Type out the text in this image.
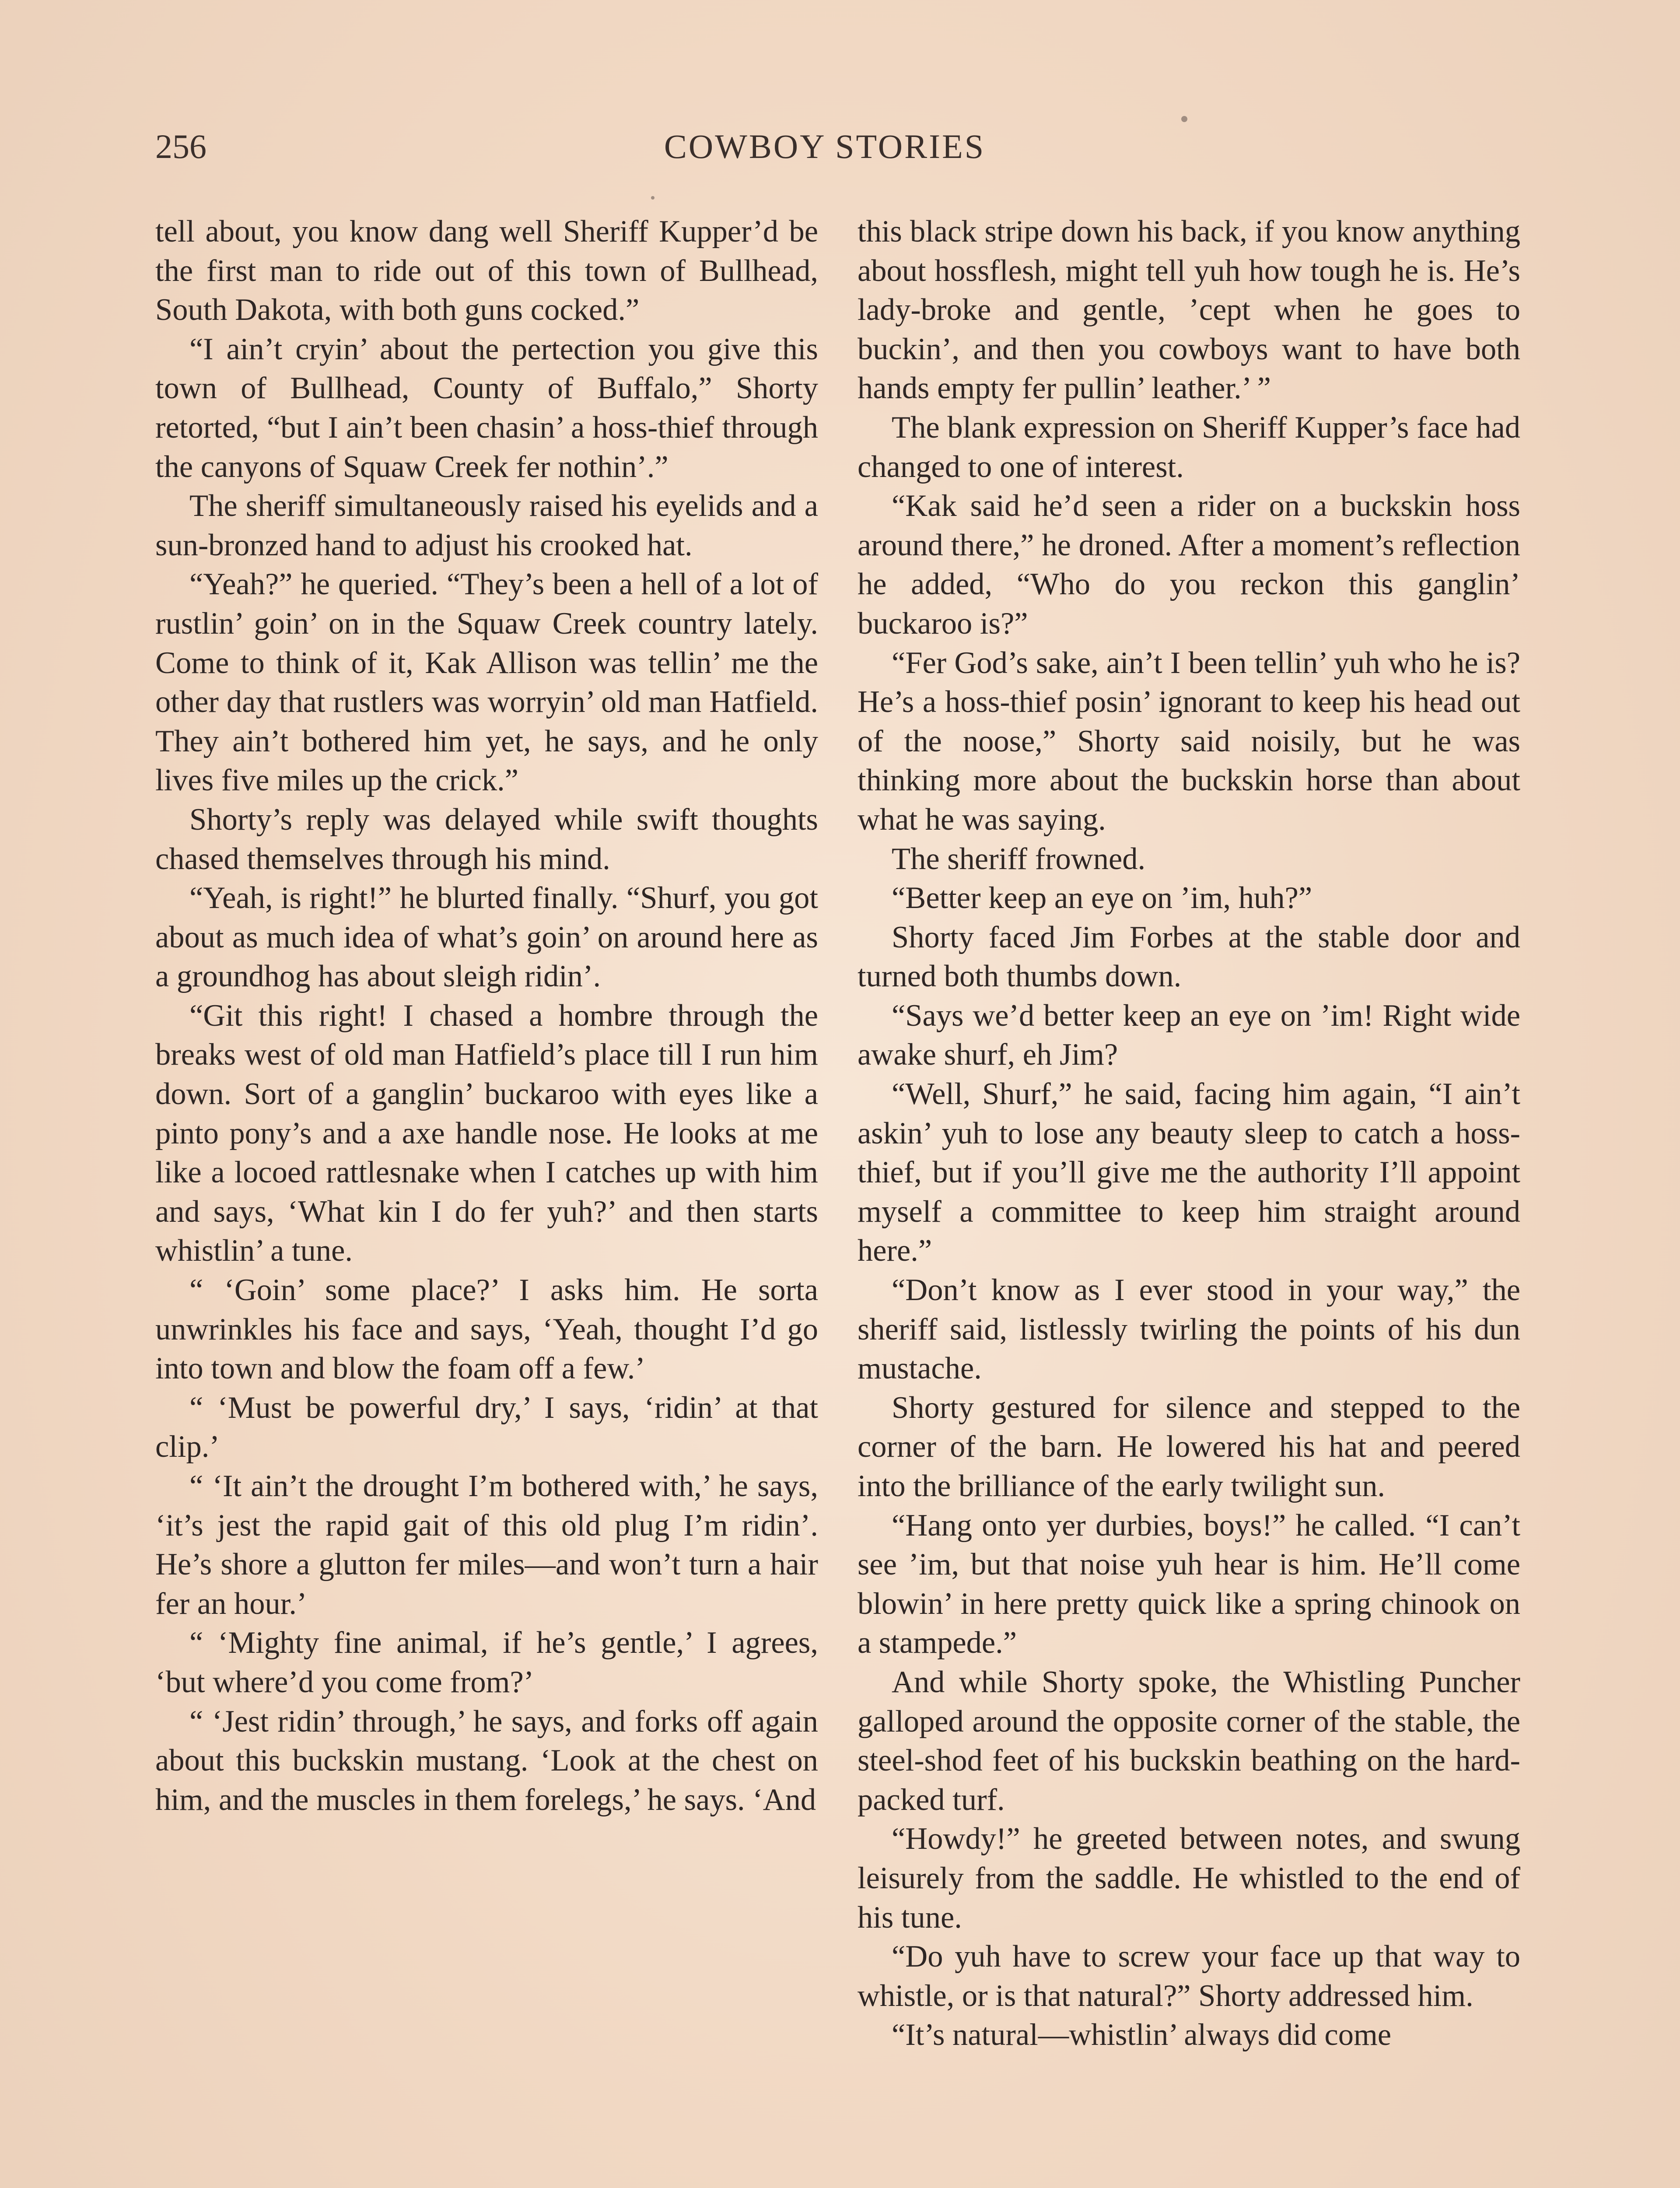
256	COWBOY STORIES

tell about, you know dang well Sheriff Kupper’d be the first man to ride out of this town of Bullhead, South Dakota, with both guns cocked.”

“I ain’t cryin’ about the pertection you give this town of Bullhead, County of Buffalo,” Shorty retorted, “but I ain’t been chasin’ a hoss-thief through the canyons of Squaw Creek fer nothin’.”

The sheriff simultaneously raised his eyelids and a sun-bronzed hand to adjust his crooked hat.

“Yeah?” he queried. “They’s been a hell of a lot of rustlin’ goin’ on in the Squaw Creek country lately. Come to think of it, Kak Allison was tellin’ me the other day that rustlers was worryin’ old man Hatfield. They ain’t bothered him yet, he says, and he only lives five miles up the crick.”

Shorty’s reply was delayed while swift thoughts chased themselves through his mind.

“Yeah, is right!” he blurted finally. “Shurf, you got about as much idea of what’s goin’ on around here as a groundhog has about sleigh ridin’.

“Git this right! I chased a hombre through the breaks west of old man Hatfield’s place till I run him down. Sort of a ganglin’ buckaroo with eyes like a pinto pony’s and a axe handle nose. He looks at me like a locoed rattlesnake when I catches up with him and says, ‘What kin I do fer yuh?’ and then starts whistlin’ a tune.

“ ‘Goin’ some place?’ I asks him. He sorta unwrinkles his face and says, ‘Yeah, thought I’d go into town and blow the foam off a few.’

“ ‘Must be powerful dry,’ I says, ‘ridin’ at that clip.’

“ ‘It ain’t the drought I’m bothered with,’ he says, ‘it’s jest the rapid gait of this old plug I’m ridin’. He’s shore a glutton fer miles—and won’t turn a hair fer an hour.’

“ ‘Mighty fine animal, if he’s gentle,’ I agrees, ‘but where’d you come from?’

“ ‘Jest ridin’ through,’ he says, and forks off again about this buckskin mustang. ‘Look at the chest on him, and the muscles in them forelegs,’ he says. ‘And

this black stripe down his back, if you know anything about hossflesh, might tell yuh how tough he is. He’s lady-broke and gentle, ’cept when he goes to buckin’, and then you cowboys want to have both hands empty fer pullin’ leather.’ ”

The blank expression on Sheriff Kupper’s face had changed to one of interest.

“Kak said he’d seen a rider on a buckskin hoss around there,” he droned. After a moment’s reflection he added, “Who do you reckon this ganglin’ buckaroo is?”

“Fer God’s sake, ain’t I been tellin’ yuh who he is? He’s a hoss-thief posin’ ignorant to keep his head out of the noose,” Shorty said noisily, but he was thinking more about the buckskin horse than about what he was saying.

The sheriff frowned.

“Better keep an eye on ’im, huh?”

Shorty faced Jim Forbes at the stable door and turned both thumbs down.

“Says we’d better keep an eye on ’im! Right wide awake shurf, eh Jim?

“Well, Shurf,” he said, facing him again, “I ain’t askin’ yuh to lose any beauty sleep to catch a hoss-thief, but if you’ll give me the authority I’ll appoint myself a committee to keep him straight around here.”

“Don’t know as I ever stood in your way,” the sheriff said, listlessly twirling the points of his dun mustache.

Shorty gestured for silence and stepped to the corner of the barn. He lowered his hat and peered into the brilliance of the early twilight sun.

“Hang onto yer durbies, boys!” he called. “I can’t see ’im, but that noise yuh hear is him. He’ll come blowin’ in here pretty quick like a spring chinook on a stampede.”

And while Shorty spoke, the Whistling Puncher galloped around the opposite corner of the stable, the steel-shod feet of his buckskin beathing on the hard-packed turf.

“Howdy!” he greeted between notes, and swung leisurely from the saddle. He whistled to the end of his tune.

“Do yuh have to screw your face up that way to whistle, or is that natural?” Shorty addressed him.

“It’s natural—whistlin’ always did come
